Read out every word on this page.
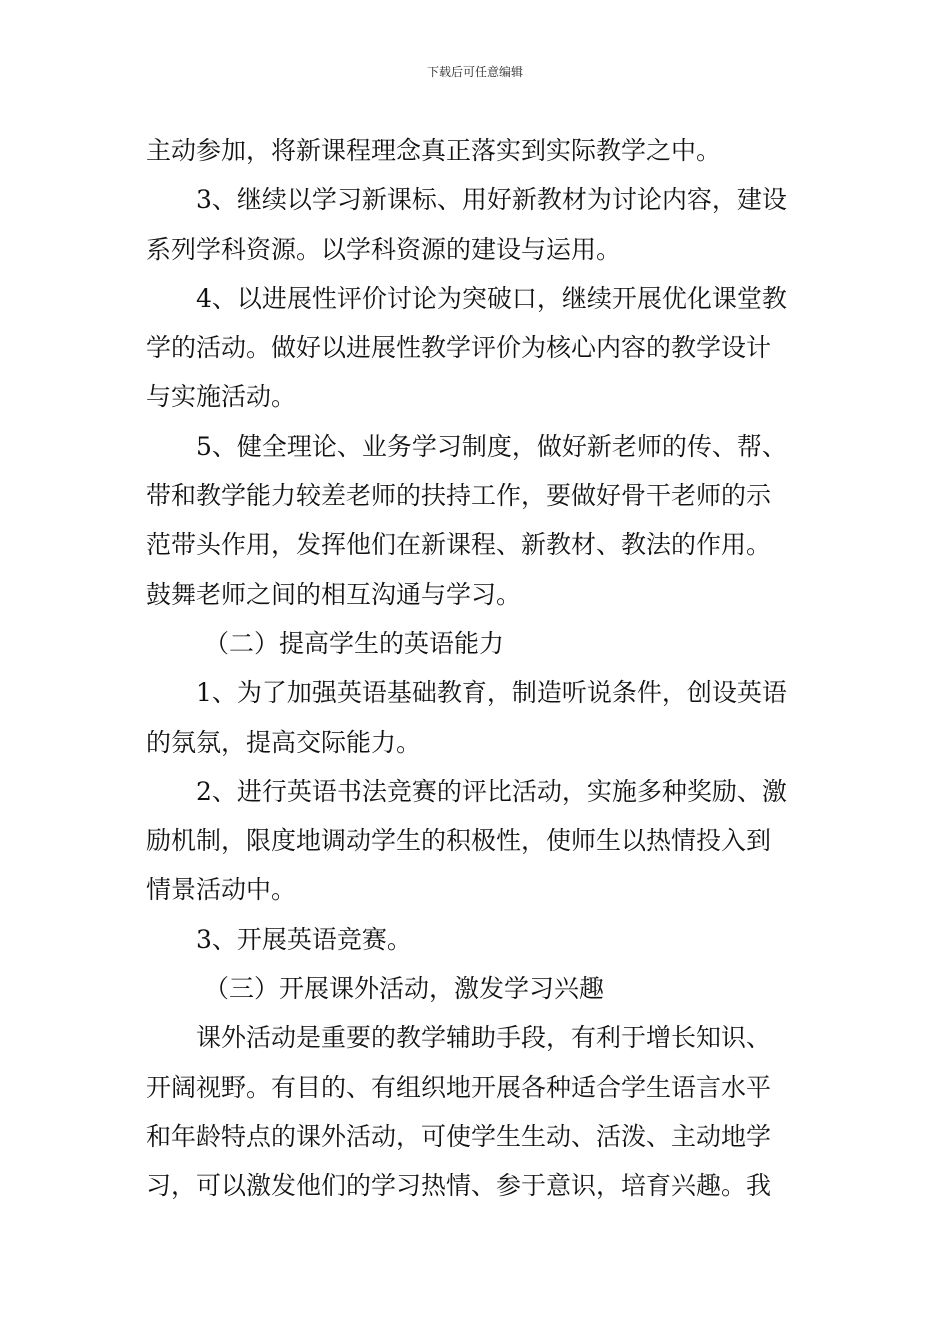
下载后可任意编辑
主动参加，将新课程理念真正落实到实际教学之中。
3、继续以学习新课标、用好新教材为讨论内容，建设
系列学科资源。以学科资源的建设与运用。
4、以进展性评价讨论为突破口，继续开展优化课堂教
学的活动。做好以进展性教学评价为核心内容的教学设计
与实施活动。
5、健全理论、业务学习制度，做好新老师的传、帮、
带和教学能力较差老师的扶持工作，要做好骨干老师的示
范带头作用，发挥他们在新课程、新教材、教法的作用。
鼓舞老师之间的相互沟通与学习。
（二）提高学生的英语能力
1、为了加强英语基础教育，制造听说条件，创设英语
的氛氛，提高交际能力。
2、进行英语书法竞赛的评比活动，实施多种奖励、激
励机制，限度地调动学生的积极性，使师生以热情投入到
情景活动中。
3、开展英语竞赛。
（三）开展课外活动，激发学习兴趣
课外活动是重要的教学辅助手段，有利于增长知识、
开阔视野。有目的、有组织地开展各种适合学生语言水平
和年龄特点的课外活动，可使学生生动、活泼、主动地学
习，可以激发他们的学习热情、参于意识，培育兴趣。我
